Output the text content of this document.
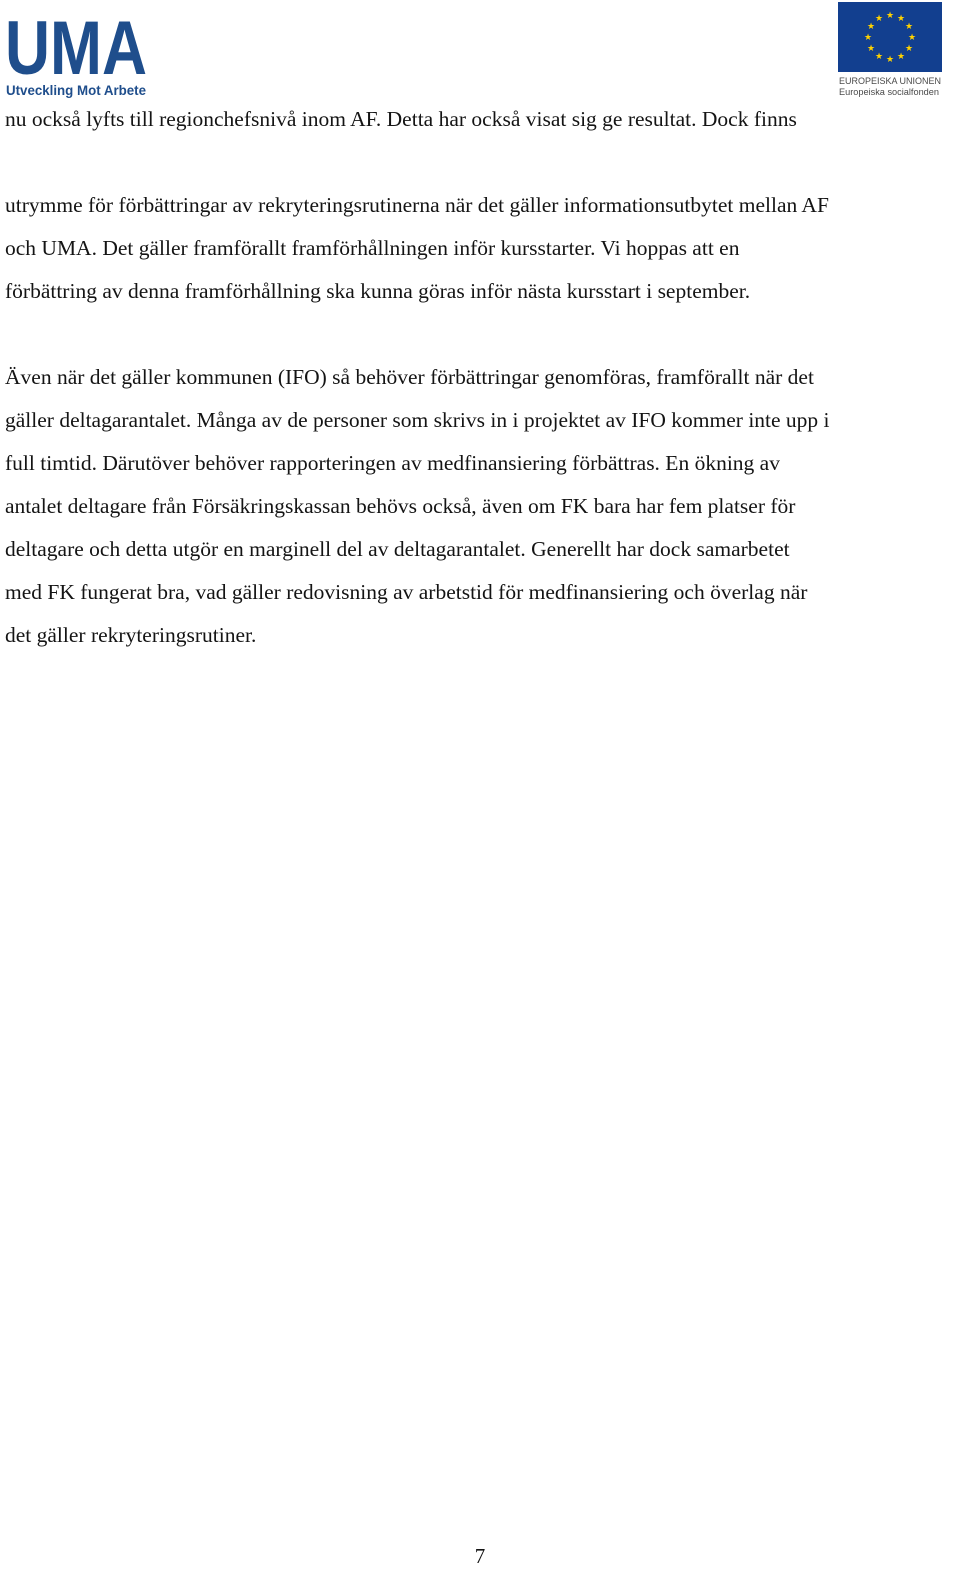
UMA
Utveckling Mot Arbete
★ ★
★
★
★
★
★
★
★
★
★
★
EUROPEISKA UNIONEN
Europeiska socialfonden

nu också lyfts till regionchefsnivå inom AF. Detta har också visat sig ge resultat. Dock finns

utrymme för förbättringar av rekryteringsrutinerna när det gäller informationsutbytet mellan AF

och UMA. Det gäller framförallt framförhållningen inför kursstarter. Vi hoppas att en

förbättring av denna framförhållning ska kunna göras inför nästa kursstart i september.

Även när det gäller kommunen (IFO) så behöver förbättringar genomföras, framförallt när det

gäller deltagarantalet. Många av de personer som skrivs in i projektet av IFO kommer inte upp i

full timtid. Därutöver behöver rapporteringen av medfinansiering förbättras. En ökning av

antalet deltagare från Försäkringskassan behövs också, även om FK bara har fem platser för

deltagare och detta utgör en marginell del av deltagarantalet. Generellt har dock samarbetet

med FK fungerat bra, vad gäller redovisning av arbetstid för medfinansiering och överlag när

det gäller rekryteringsrutiner.

7
